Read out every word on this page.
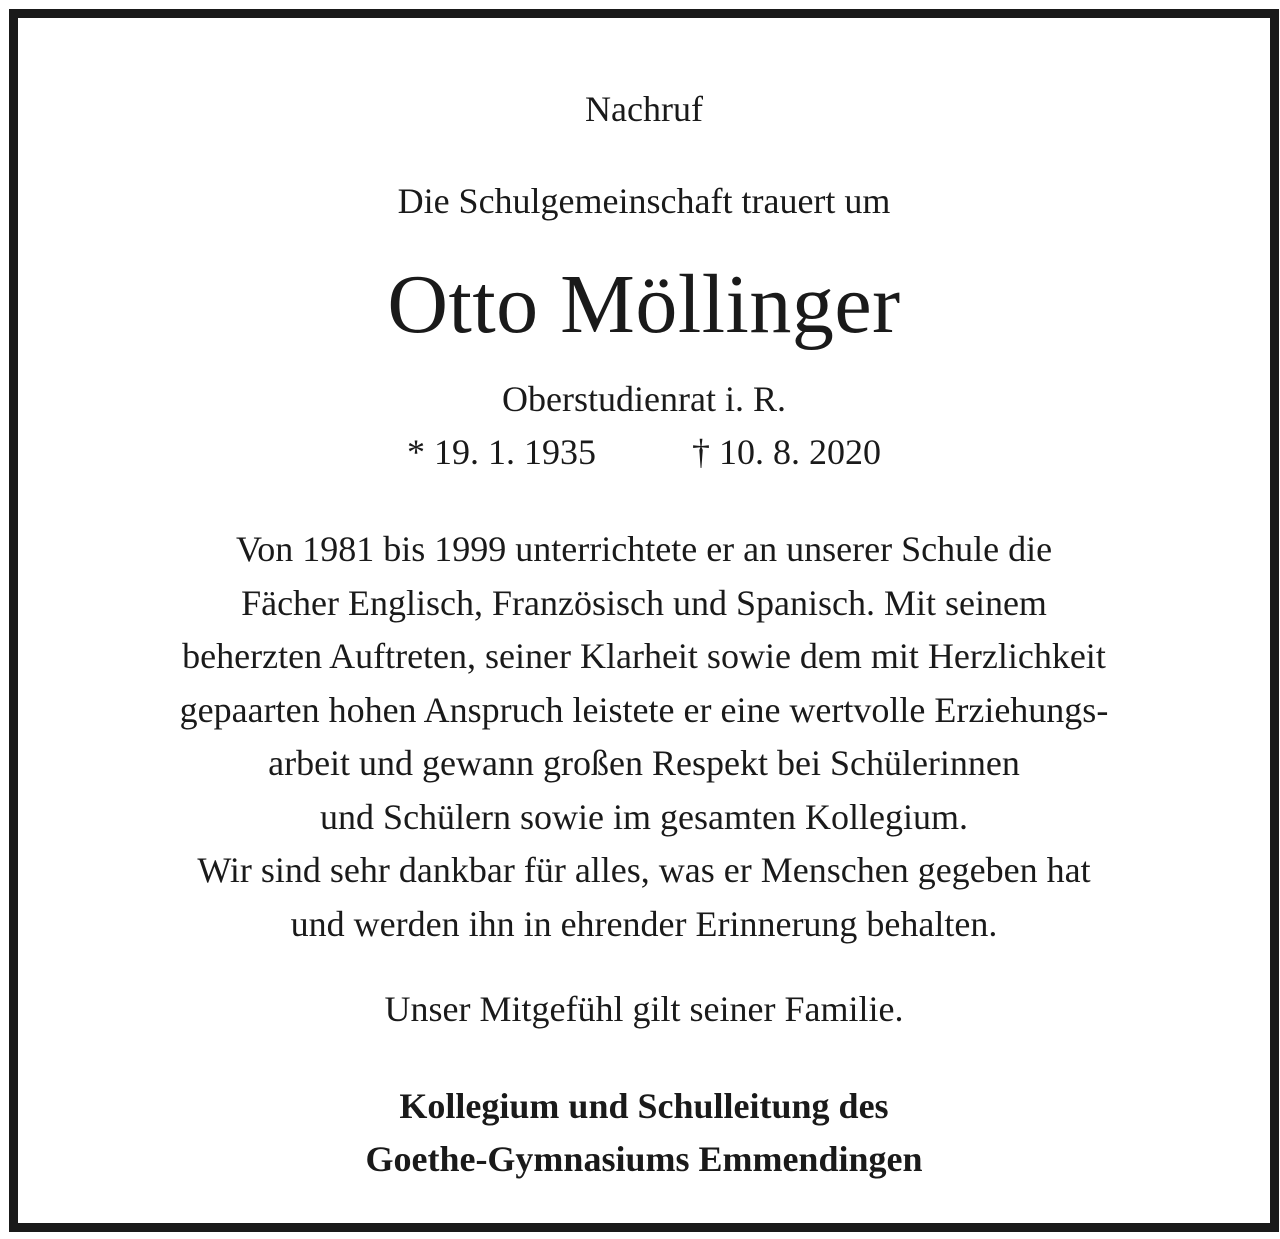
Nachruf
Die Schulgemeinschaft trauert um
Otto Möllinger
Oberstudienrat i. R.
* 19. 1. 1935	† 10. 8. 2020
Von 1981 bis 1999 unterrichtete er an unserer Schule die
Fächer Englisch, Französisch und Spanisch. Mit seinem
beherzten Auftreten, seiner Klarheit sowie dem mit Herzlichkeit
gepaarten hohen Anspruch leistete er eine wertvolle Erziehungs-
arbeit und gewann großen Respekt bei Schülerinnen
und Schülern sowie im gesamten Kollegium.
Wir sind sehr dankbar für alles, was er Menschen gegeben hat
und werden ihn in ehrender Erinnerung behalten.
Unser Mitgefühl gilt seiner Familie.
Kollegium und Schulleitung des
Goethe-Gymnasiums Emmendingen
